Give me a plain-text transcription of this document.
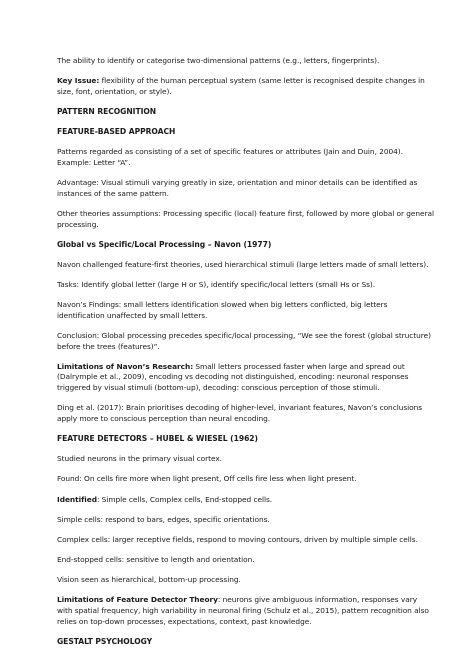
The ability to identify or categorise two-dimensional patterns (e.g., letters, fingerprints).

Key Issue: flexibility of the human perceptual system (same letter is recognised despite changes in size, font, orientation, or style).

PATTERN RECOGNITION
FEATURE-BASED APPROACH

Patterns regarded as consisting of a set of specific features or attributes (Jain and Duin, 2004). Example: Letter “A”.

Advantage: Visual stimuli varying greatly in size, orientation and minor details can be identified as instances of the same pattern.

Other theories assumptions: Processing specific (local) feature first, followed by more global or general processing.

Global vs Specific/Local Processing – Navon (1977)

Navon challenged feature-first theories, used hierarchical stimuli (large letters made of small letters).

Tasks: Identify global letter (large H or S), identify specific/local letters (small Hs or Ss).

Navon’s Findings: small letters identification slowed when big letters conflicted, big letters identification unaffected by small letters.

Conclusion: Global processing precedes specific/local processing, “We see the forest (global structure) before the trees (features)”.

Limitations of Navon’s Research: Small letters processed faster when large and spread out (Dalrymple et al., 2009), encoding vs decoding not distinguished, encoding: neuronal responses triggered by visual stimuli (bottom-up), decoding: conscious perception of those stimuli.

Ding et al. (2017): Brain prioritises decoding of higher-level, invariant features, Navon’s conclusions apply more to conscious perception than neural encoding.

FEATURE DETECTORS – HUBEL & WIESEL (1962)

Studied neurons in the primary visual cortex.

Found: On cells fire more when light present, Off cells fire less when light present.

Identified: Simple cells, Complex cells, End-stopped cells.

Simple cells: respond to bars, edges, specific orientations.

Complex cells: larger receptive fields, respond to moving contours, driven by multiple simple cells.

End-stopped cells: sensitive to length and orientation.

Vision seen as hierarchical, bottom-up processing.

Limitations of Feature Detector Theory: neurons give ambiguous information, responses vary with spatial frequency, high variability in neuronal firing (Schulz et al., 2015), pattern recognition also relies on top-down processes, expectations, context, past knowledge.

GESTALT PSYCHOLOGY
